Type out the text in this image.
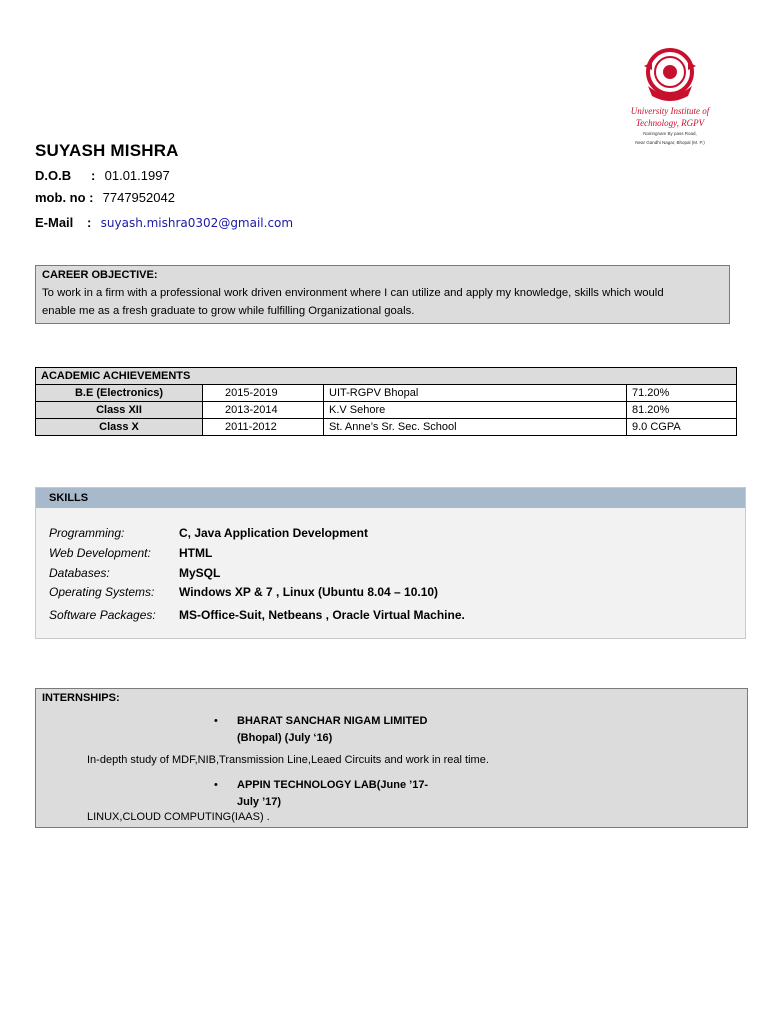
University Institute of
Technology, RGPV
Noiringnam By pass Road,
Near Gandhi Nagar, Bhopal (M. P.)
SUYASH MISHRA
D.O.B : 01.01.1997
mob. no : 7747952042
E-Mail : suyash.mishra0302@gmail.com
CAREER OBJECTIVE:
To work in a firm with a professional work driven environment where I can utilize and apply my knowledge, skills which would
enable me as a fresh graduate to grow while fulfilling Organizational goals.
ACADEMIC ACHIEVEMENTS			
B.E (Electronics)	2015-2019	UIT-RGPV Bhopal	71.20%
Class XII	2013-2014	K.V Sehore	81.20%
Class X	2011-2012	St. Anne’s Sr. Sec. School	9.0 CGPA
SKILLS
Programming:	C, Java Application Development
Web Development: HTML
Databases:	MySQL
Operating Systems: Windows XP & 7 , Linux (Ubuntu 8.04 – 10.10)
Software Packages: MS-Office-Suit, Netbeans , Oracle Virtual Machine.
INTERNSHIPS:
• BHARAT SANCHAR NIGAM LIMITED
(Bhopal) (July ‘16)
In-depth study of MDF,NIB,Transmission Line,Leaed Circuits and work in real time.
• APPIN TECHNOLOGY LAB(June ’17-
July ’17)
LINUX,CLOUD COMPUTING(IAAS) .
